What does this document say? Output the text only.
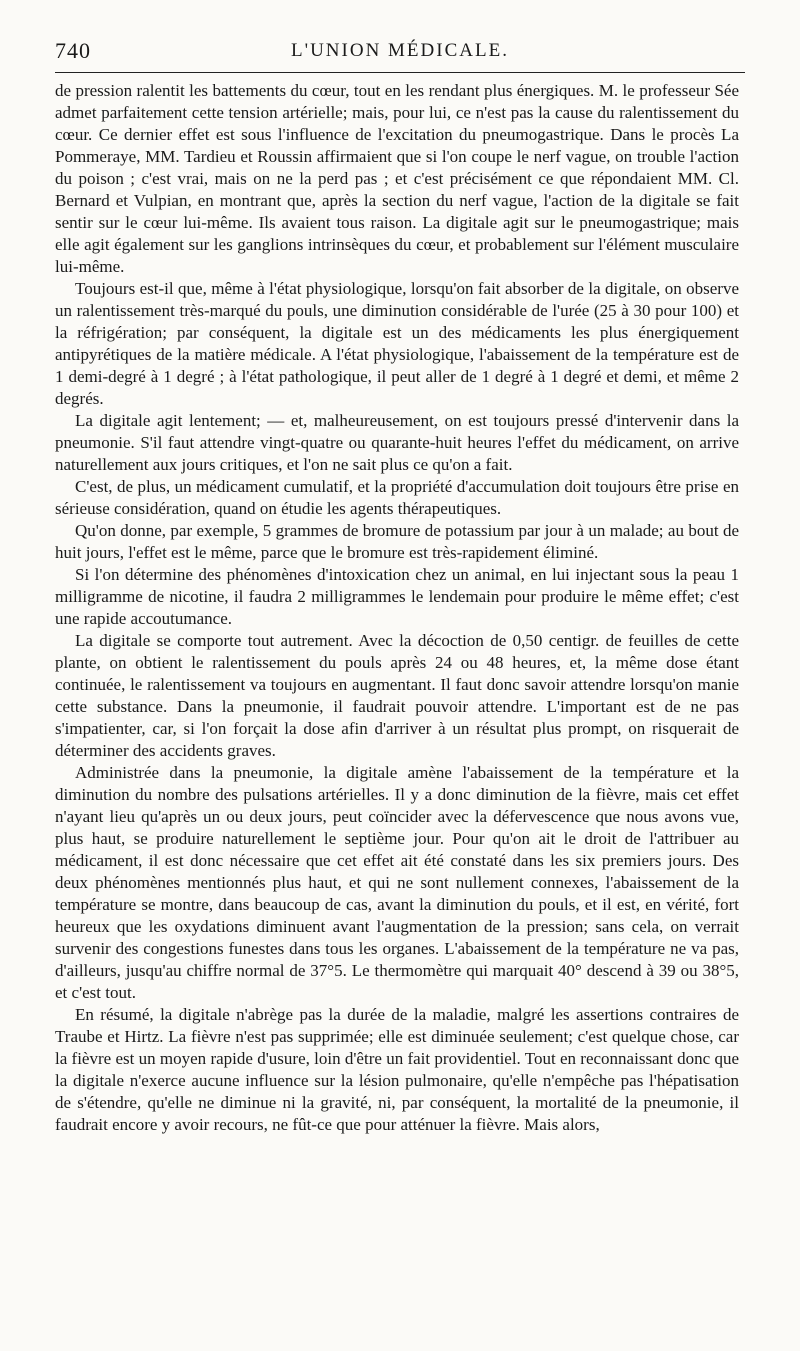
740	L'UNION MÉDICALE.

de pression ralentit les battements du cœur, tout en les rendant plus énergiques. M. le professeur Sée admet parfaitement cette tension artérielle; mais, pour lui, ce n'est pas la cause du ralentissement du cœur. Ce dernier effet est sous l'influence de l'excitation du pneumogastrique. Dans le procès La Pommeraye, MM. Tardieu et Roussin affirmaient que si l'on coupe le nerf vague, on trouble l'action du poison ; c'est vrai, mais on ne la perd pas ; et c'est précisément ce que répondaient MM. Cl. Bernard et Vulpian, en montrant que, après la section du nerf vague, l'action de la digitale se fait sentir sur le cœur lui-même. Ils avaient tous raison. La digitale agit sur le pneumogastrique; mais elle agit également sur les ganglions intrinsèques du cœur, et probablement sur l'élément musculaire lui-même.

Toujours est-il que, même à l'état physiologique, lorsqu'on fait absorber de la digitale, on observe un ralentissement très-marqué du pouls, une diminution considérable de l'urée (25 à 30 pour 100) et la réfrigération; par conséquent, la digitale est un des médicaments les plus énergiquement antipyrétiques de la matière médicale. A l'état physiologique, l'abaissement de la température est de 1 demi-degré à 1 degré ; à l'état pathologique, il peut aller de 1 degré à 1 degré et demi, et même 2 degrés.

La digitale agit lentement; — et, malheureusement, on est toujours pressé d'intervenir dans la pneumonie. S'il faut attendre vingt-quatre ou quarante-huit heures l'effet du médicament, on arrive naturellement aux jours critiques, et l'on ne sait plus ce qu'on a fait.

C'est, de plus, un médicament cumulatif, et la propriété d'accumulation doit toujours être prise en sérieuse considération, quand on étudie les agents thérapeutiques.

Qu'on donne, par exemple, 5 grammes de bromure de potassium par jour à un malade; au bout de huit jours, l'effet est le même, parce que le bromure est très-rapidement éliminé.

Si l'on détermine des phénomènes d'intoxication chez un animal, en lui injectant sous la peau 1 milligramme de nicotine, il faudra 2 milligrammes le lendemain pour produire le même effet; c'est une rapide accoutumance.

La digitale se comporte tout autrement. Avec la décoction de 0,50 centigr. de feuilles de cette plante, on obtient le ralentissement du pouls après 24 ou 48 heures, et, la même dose étant continuée, le ralentissement va toujours en augmentant. Il faut donc savoir attendre lorsqu'on manie cette substance. Dans la pneumonie, il faudrait pouvoir attendre. L'important est de ne pas s'impatienter, car, si l'on forçait la dose afin d'arriver à un résultat plus prompt, on risquerait de déterminer des accidents graves.

Administrée dans la pneumonie, la digitale amène l'abaissement de la température et la diminution du nombre des pulsations artérielles. Il y a donc diminution de la fièvre, mais cet effet n'ayant lieu qu'après un ou deux jours, peut coïncider avec la défervescence que nous avons vue, plus haut, se produire naturellement le septième jour. Pour qu'on ait le droit de l'attribuer au médicament, il est donc nécessaire que cet effet ait été constaté dans les six premiers jours. Des deux phénomènes mentionnés plus haut, et qui ne sont nullement connexes, l'abaissement de la température se montre, dans beaucoup de cas, avant la diminution du pouls, et il est, en vérité, fort heureux que les oxydations diminuent avant l'augmentation de la pression; sans cela, on verrait survenir des congestions funestes dans tous les organes. L'abaissement de la température ne va pas, d'ailleurs, jusqu'au chiffre normal de 37°5. Le thermomètre qui marquait 40° descend à 39 ou 38°5, et c'est tout.

En résumé, la digitale n'abrège pas la durée de la maladie, malgré les assertions contraires de Traube et Hirtz. La fièvre n'est pas supprimée; elle est diminuée seulement; c'est quelque chose, car la fièvre est un moyen rapide d'usure, loin d'être un fait providentiel. Tout en reconnaissant donc que la digitale n'exerce aucune influence sur la lésion pulmonaire, qu'elle n'empêche pas l'hépatisation de s'étendre, qu'elle ne diminue ni la gravité, ni, par conséquent, la mortalité de la pneumonie, il faudrait encore y avoir recours, ne fût-ce que pour atténuer la fièvre. Mais alors,
